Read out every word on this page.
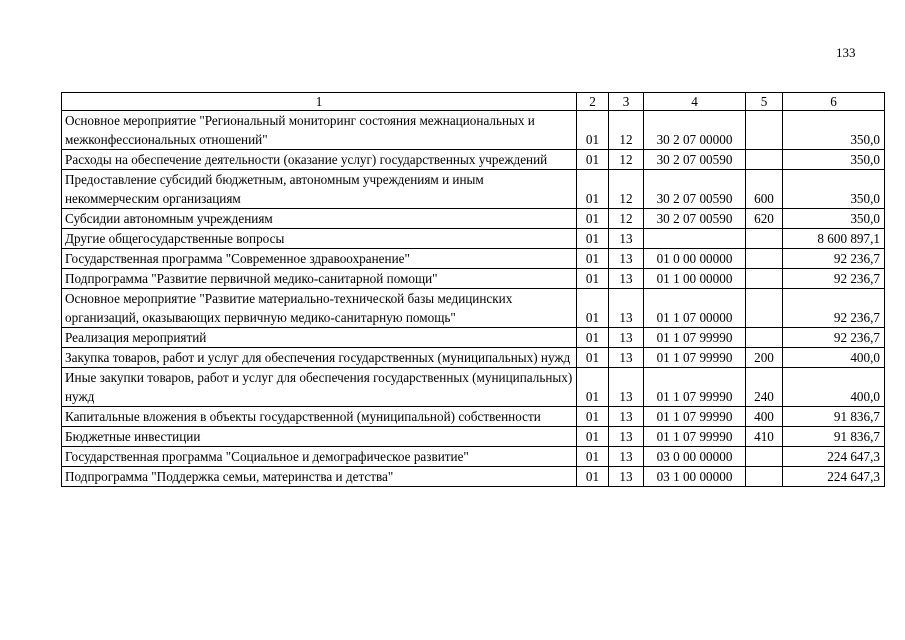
133
1	2	3	4	5	6
Основное мероприятие "Региональный мониторинг состояния межнациональных и межконфессиональных отношений"	01	12	30 2 07 00000		350,0
Расходы на обеспечение деятельности (оказание услуг) государственных учреждений	01	12	30 2 07 00590		350,0
Предоставление субсидий бюджетным, автономным учреждениям и иным некоммерческим организациям	01	12	30 2 07 00590	600	350,0
Субсидии автономным учреждениям	01	12	30 2 07 00590	620	350,0
Другие общегосударственные вопросы	01	13			8 600 897,1
Государственная программа "Современное здравоохранение"	01	13	01 0 00 00000		92 236,7
Подпрограмма "Развитие первичной медико-санитарной помощи"	01	13	01 1 00 00000		92 236,7
Основное мероприятие "Развитие материально-технической базы медицинских организаций, оказывающих первичную медико-санитарную помощь"	01	13	01 1 07 00000		92 236,7
Реализация мероприятий	01	13	01 1 07 99990		92 236,7
Закупка товаров, работ и услуг для обеспечения государственных (муниципальных) нужд	01	13	01 1 07 99990	200	400,0
Иные закупки товаров, работ и услуг для обеспечения государственных (муниципальных) нужд	01	13	01 1 07 99990	240	400,0
Капитальные вложения в объекты государственной (муниципальной) собственности	01	13	01 1 07 99990	400	91 836,7
Бюджетные инвестиции	01	13	01 1 07 99990	410	91 836,7
Государственная программа "Социальное и демографическое развитие"	01	13	03 0 00 00000		224 647,3
Подпрограмма "Поддержка семьи, материнства и детства"	01	13	03 1 00 00000		224 647,3
